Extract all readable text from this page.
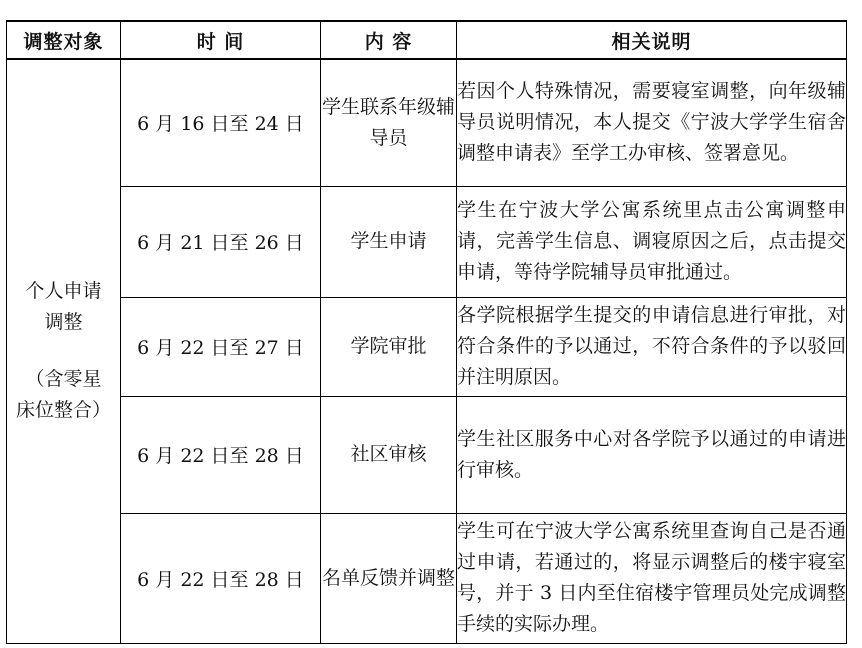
调整对象	时 间	内 容	相关说明

个人申请
调整
（含零星
床位整合）	6 月 16 日至 24 日	学生联系年级辅导员	若因个人特殊情况，需要寝室调整，向年级辅导员说明情况，本人提交《宁波大学学生宿舍调整申请表》至学工办审核、签署意见。
	6 月 21 日至 26 日	学生申请	学生在宁波大学公寓系统里点击公寓调整申请，完善学生信息、调寝原因之后，点击提交申请，等待学院辅导员审批通过。
	6 月 22 日至 27 日	学院审批	各学院根据学生提交的申请信息进行审批，对符合条件的予以通过，不符合条件的予以驳回并注明原因。
	6 月 22 日至 28 日	社区审核	学生社区服务中心对各学院予以通过的申请进行审核。
	6 月 22 日至 28 日	名单反馈并调整	学生可在宁波大学公寓系统里查询自己是否通过申请，若通过的，将显示调整后的楼宇寝室号，并于 3 日内至住宿楼宇管理员处完成调整手续的实际办理。
